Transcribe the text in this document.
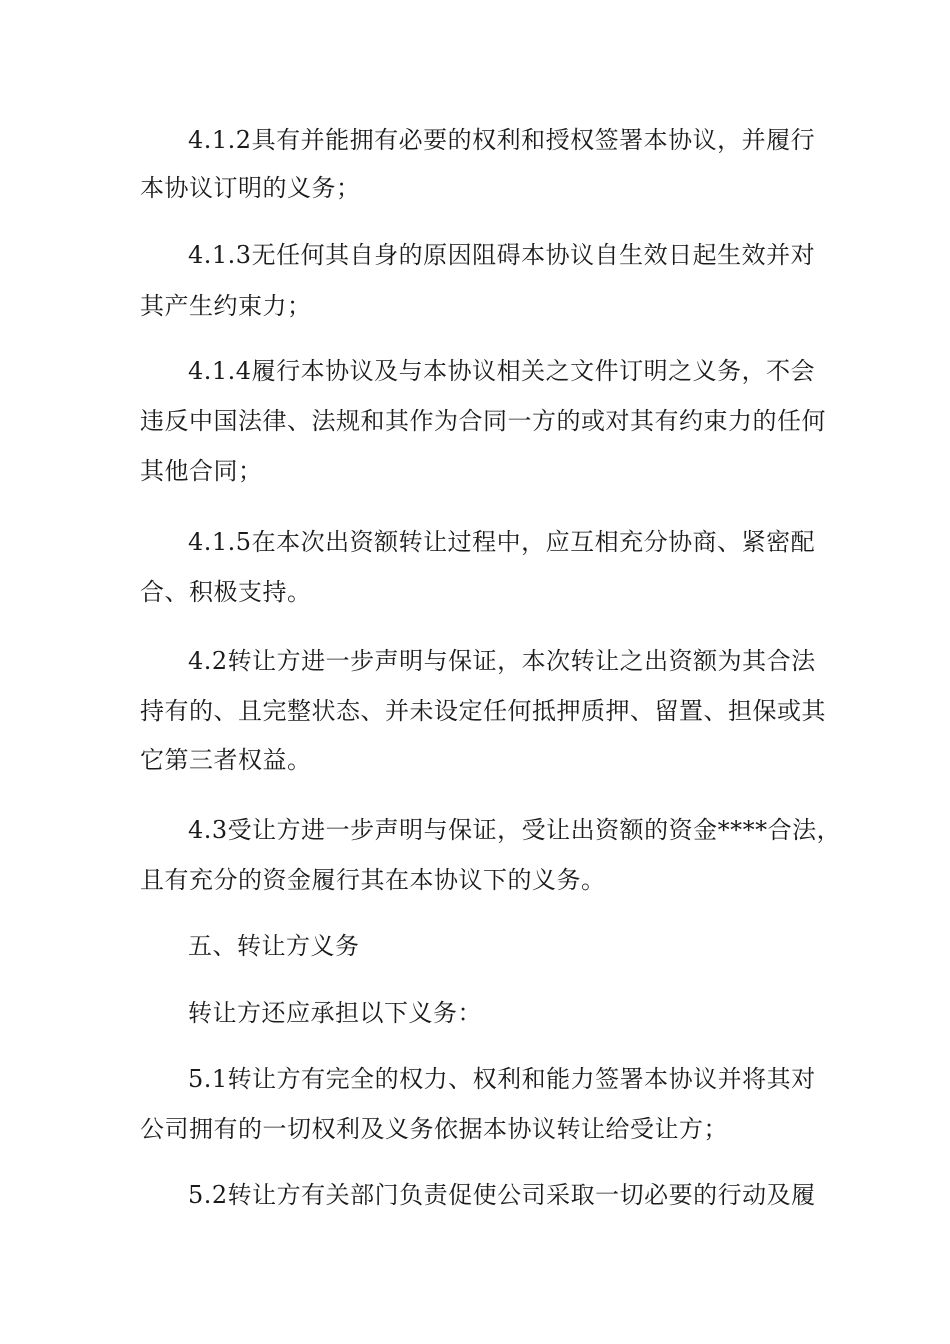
4.1.2具有并能拥有必要的权利和授权签署本协议，并履行
本协议订明的义务；
4.1.3无任何其自身的原因阻碍本协议自生效日起生效并对
其产生约束力；
4.1.4履行本协议及与本协议相关之文件订明之义务，不会
违反中国法律、法规和其作为合同一方的或对其有约束力的任何
其他合同；
4.1.5在本次出资额转让过程中，应互相充分协商、紧密配
合、积极支持。
4.2转让方进一步声明与保证，本次转让之出资额为其合法
持有的、且完整状态、并未设定任何抵押质押、留置、担保或其
它第三者权益。
4.3受让方进一步声明与保证，受让出资额的资金****合法，
且有充分的资金履行其在本协议下的义务。
五、转让方义务
转让方还应承担以下义务：
5.1转让方有完全的权力、权利和能力签署本协议并将其对
公司拥有的一切权利及义务依据本协议转让给受让方；
5.2转让方有关部门负责促使公司采取一切必要的行动及履
